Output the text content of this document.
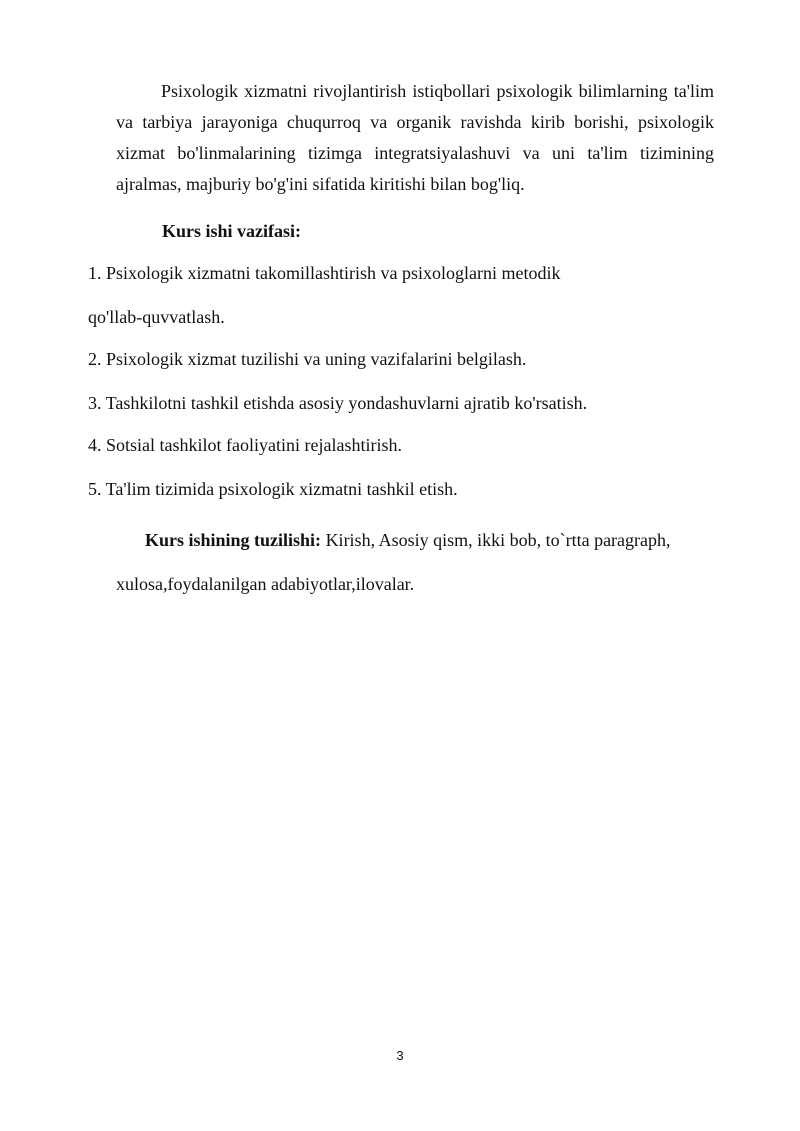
Psixologik xizmatni rivojlantirish istiqbollari psixologik bilimlarning ta'lim va tarbiya jarayoniga chuqurroq va organik ravishda kirib borishi, psixologik xizmat bo'linmalarining tizimga integratsiyalashuvi va uni ta'lim tizimining ajralmas, majburiy bo'g'ini sifatida kiritishi bilan bog'liq.

Kurs ishi vazifasi:

1. Psixologik xizmatni takomillashtirish va psixologlarni metodik

qo'llab-quvvatlash.

2. Psixologik xizmat tuzilishi va uning vazifalarini belgilash.

3. Tashkilotni tashkil etishda asosiy yondashuvlarni ajratib ko'rsatish.

4. Sotsial tashkilot faoliyatini rejalashtirish.

5. Ta'lim tizimida psixologik xizmatni tashkil etish.

Kurs ishining tuzilishi: Kirish, Asosiy qism, ikki bob, to`rtta paragraph, xulosa,foydalanilgan adabiyotlar,ilovalar.

3
